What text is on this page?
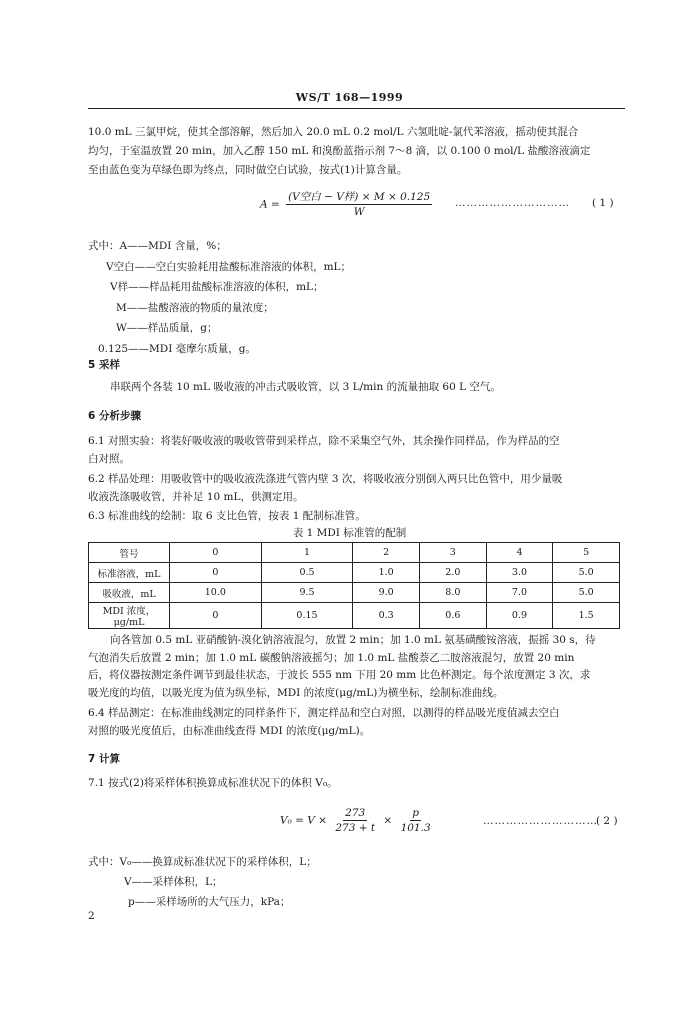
WS/T 168—1999
10.0 mL 三氯甲烷，使其全部溶解，然后加入 20.0 mL 0.2 mol/L 六氢吡啶-氯代苯溶液，摇动使其混合
均匀，于室温放置 20 min，加入乙醇 150 mL 和溴酚蓝指示剂 7～8 滴，以 0.100 0 mol/L 盐酸溶液滴定
至由蓝色变为草绿色即为终点，同时做空白试验，按式(1)计算含量。
$A = \frac{\text{(V空白 − V样) × M × 0.125}}{W}$ ………………………… ( 1 )
式中：A——MDI 含量，%；
V空白——空白实验耗用盐酸标准溶液的体积，mL；
V样——样品耗用盐酸标准溶液的体积，mL；
M——盐酸溶液的物质的量浓度；
W——样品质量，g；
0.125——MDI 毫摩尔质量，g。
5 采样
串联两个各装 10 mL 吸收液的冲击式吸收管，以 3 L/min 的流量抽取 60 L 空气。
6 分析步骤
6.1 对照实验：将装好吸收液的吸收管带到采样点，除不采集空气外，其余操作同样品，作为样品的空
白对照。
6.2 样品处理：用吸收管中的吸收液洗涤进气管内壁 3 次，将吸收液分别倒入两只比色管中，用少量吸
收液洗涤吸收管，并补足 10 mL，供测定用。
6.3 标准曲线的绘制：取 6 支比色管，按表 1 配制标准管。
表 1 MDI 标准管的配制
管号	0	1	2	3	4	5
标准溶液，mL	0	0.5	1.0	2.0	3.0	5.0
吸收液，mL	10.0	9.5	9.0	8.0	7.0	5.0
MDI 浓度，μg/mL	0	0.15	0.3	0.6	0.9	1.5
向各管加 0.5 mL 亚硝酸钠-溴化钠溶液混匀，放置 2 min；加 1.0 mL 氨基磺酸铵溶液，振摇 30 s，待
气泡消失后放置 2 min；加 1.0 mL 碳酸钠溶液摇匀；加 1.0 mL 盐酸萘乙二胺溶液混匀，放置 20 min
后，将仪器按测定条件调节到最佳状态，于波长 555 nm 下用 20 mm 比色杯测定。每个浓度测定 3 次，求
吸光度的均值，以吸光度为值为纵坐标，MDI 的浓度(μg/mL)为横坐标，绘制标准曲线。
6.4 样品测定：在标准曲线测定的同样条件下，测定样品和空白对照，以测得的样品吸光度值减去空白
对照的吸光度值后，由标准曲线查得 MDI 的浓度(μg/mL)。
7 计算
7.1 按式(2)将采样体积换算成标准状况下的体积 V₀。
$V_0 = V \times \frac{273}{273 + t} \times \frac{p}{101.3}$	…………………………
( 2 )
式中：V₀——换算成标准状况下的采样体积，L；
V——采样体积，L；
p——采样场所的大气压力，kPa；
2
